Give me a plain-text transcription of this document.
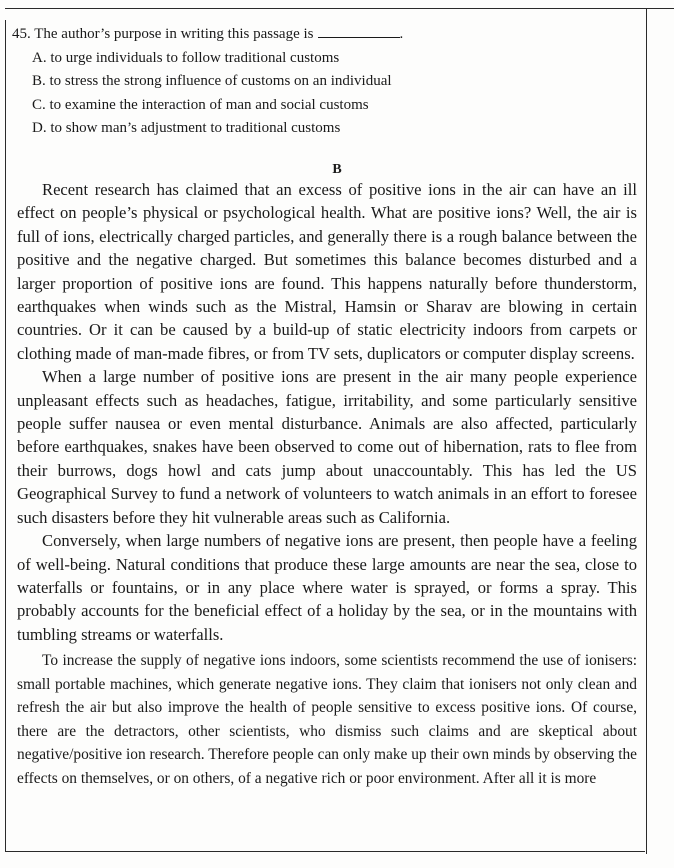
45. The author’s purpose in writing this passage is	.
A. to urge individuals to follow traditional customs
B. to stress the strong influence of customs on an individual
C. to examine the interaction of man and social customs
D. to show man’s adjustment to traditional customs
B

Recent research has claimed that an excess of positive ions in the air can have an ill effect on people’s physical or psychological health. What are positive ions? Well, the air is full of ions, electrically charged particles, and generally there is a rough balance between the positive and the negative charged. But sometimes this balance becomes disturbed and a larger proportion of positive ions are found. This happens naturally before thunderstorm, earthquakes when winds such as the Mistral, Hamsin or Sharav are blowing in certain countries. Or it can be caused by a build-up of static electricity indoors from carpets or clothing made of man-made fibres, or from TV sets, duplicators or computer display screens.

When a large number of positive ions are present in the air many people experience unpleasant effects such as headaches, fatigue, irritability, and some particularly sensitive people suffer nausea or even mental disturbance. Animals are also affected, particularly before earthquakes, snakes have been observed to come out of hibernation, rats to flee from their burrows, dogs howl and cats jump about unaccountably. This has led the US Geographical Survey to fund a network of volunteers to watch animals in an effort to foresee such disasters before they hit vulnerable areas such as California.

Conversely, when large numbers of negative ions are present, then people have a feeling of well-being. Natural conditions that produce these large amounts are near the sea, close to waterfalls or fountains, or in any place where water is sprayed, or forms a spray. This probably accounts for the beneficial effect of a holiday by the sea, or in the mountains with tumbling streams or waterfalls.

To increase the supply of negative ions indoors, some scientists recommend the use of ionisers: small portable machines, which generate negative ions. They claim that ionisers not only clean and refresh the air but also improve the health of people sensitive to excess positive ions. Of course, there are the detractors, other scientists, who dismiss such claims and are skeptical about negative/positive ion research. Therefore people can only make up their own minds by observing the effects on themselves, or on others, of a negative rich or poor environment. After all it is more
